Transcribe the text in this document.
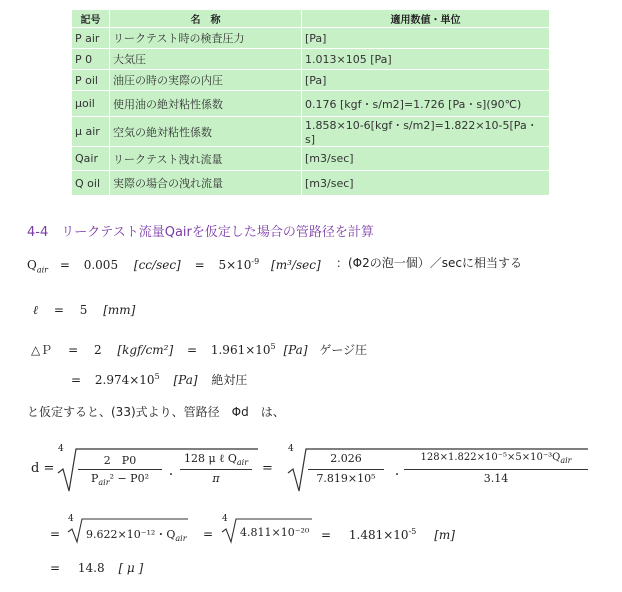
記号	名　称	適用数値・単位
P air	リークテスト時の検査圧力	[Pa]
P 0	大気圧	1.013×105 [Pa]
P oil	油圧の時の実際の内圧	[Pa]
μoil	使用油の絶対粘性係数	0.176 [kgf・s/m2]=1.726 [Pa・s](90℃)
μ air	空気の絶対粘性係数	1.858×10-6[kgf・s/m2]=1.822×10-5[Pa・s]
Qair	リークテスト洩れ流量	[m3/sec]
Q oil	実際の場合の洩れ流量	[m3/sec]
4-4　リークテスト流量Qairを仮定した場合の管路径を計算
$Q_{air} = 0.005$ $[cc/\sec] = 5\times 10^{-9}$ [m³/sec] ：(Φ2の泡一個）／secに相当する
ℓ = 5 [mm]
△Ｐ = 2 $[kgf/cm^2] = 1.961\times 10^5$ [Pa] ゲージ圧
= $2.974\times 10^5$ [Pa] 絶対圧
と仮定すると、(33)式より、管路径　Φd　は、
d =
4
2　P0
$P_{air}^2 - P0^2$	・
128 μ ℓ $Q_{air}$
π
=
4
2.026
7.819×10⁵	・
$128\times 1.822\times 10^{-5}\times 5\times 10^{-3}Q_{air}$
3.14
=
4
9.622×10⁻¹²・$Q_{air}$ =
4
$4.811\times 10^{-20} = 1.481\times 10^{-5}$ [m]
= 14.8 [ μ ]
